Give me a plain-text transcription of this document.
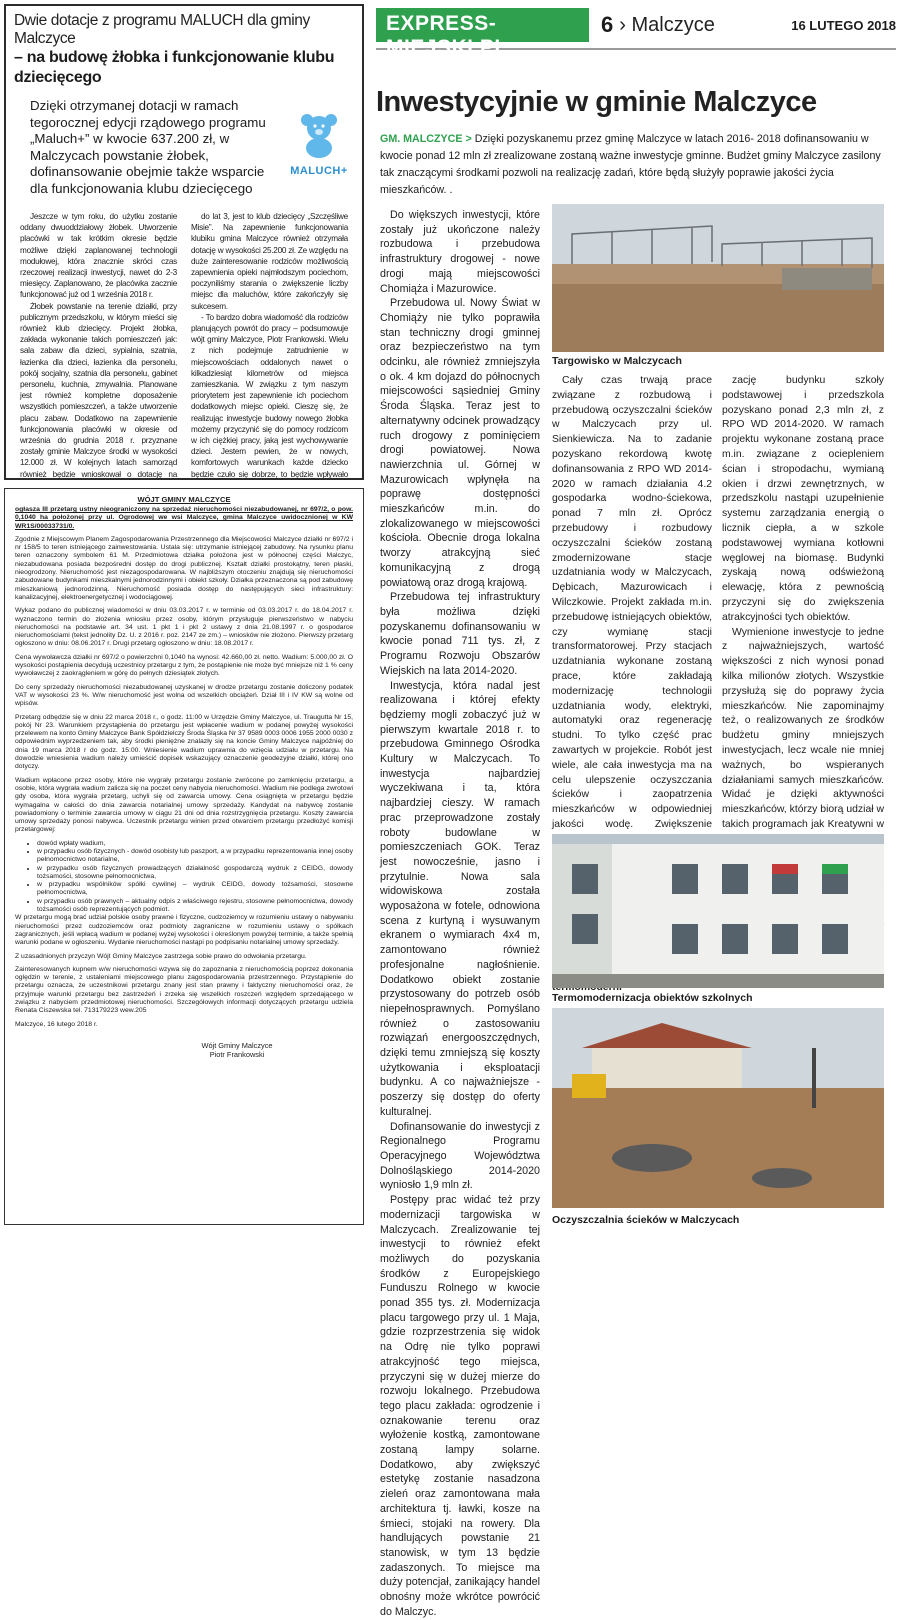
Dwie dotacje z programu MALUCH dla gminy Malczyce
– na budowę żłobka i funkcjonowanie klubu dziecięcego

Dzięki otrzymanej dotacji w ramach tegorocznej edycji rządowego programu „Maluch+” w kwocie 637.200 zł, w Malczycach powstanie żłobek, dofinansowanie obejmie także wsparcie dla funkcjonowania klubu dziecięcego

MALUCH+

Jeszcze w tym roku, do użytku zostanie oddany dwuoddziałowy żłobek. Utworzenie placówki w tak krótkim okresie będzie możliwe dzięki zaplanowanej technologii modułowej, która znacznie skróci czas rzeczowej realizacji inwestycji, nawet do 2-3 miesięcy. Zaplanowano, że placówka zacznie funkcjonować już od 1 września 2018 r.

Żłobek powstanie na terenie działki, przy publicznym przedszkolu, w którym mieści się również klub dziecięcy. Projekt żłobka, zakłada wykonanie takich pomieszczeń jak: sala zabaw dla dzieci, sypialnia, szatnia, łazienka dla dzieci, łazienka dla personelu, pokój socjalny, szatnia dla personelu, gabinet personelu, kuchnia, zmywalnia. Planowane jest również kompletne doposażenie wszystkich pomieszczeń, a także utworzenie placu zabaw. Dodatkowo na zapewnienie funkcjonowania placówki w okresie od września do grudnia 2018 r. przyznane zostały gminie Malczyce środki w wysokości 12.000 zł. W kolejnych latach samorząd również będzie wnioskował o dotację na

do lat 3, jest to klub dziecięcy „Szczęśliwe Misie”. Na zapewnienie funkcjonowania klubiku gmina Malczyce również otrzymała dotację w wysokości 25.200 zł. Ze względu na duże zainteresowanie rodziców możliwością zapewnienia opieki najmłodszym pociechom, poczyniliśmy starania o zwiększenie liczby miejsc dla maluchów, które zakończyły się sukcesem.

- To bardzo dobra wiadomość dla rodziców planujących powrót do pracy – podsumowuje wójt gminy Malczyce, Piotr Frankowski. Wielu z nich podejmuje zatrudnienie w miejscowościach oddalonych nawet o kilkadziesiąt kilometrów od miejsca zamieszkania. W związku z tym naszym priorytetem jest zapewnienie ich pociechom dodatkowych miejsc opieki. Cieszę się, że realizując inwestycje budowy nowego żłobka możemy przyczynić się do pomocy rodzicom w ich ciężkiej pracy, jaką jest wychowywanie dzieci. Jestem pewien, że w nowych, komfortowych warunkach każde dziecko będzie czuło się dobrze, to będzie wpływało

WÓJT GMINY MALCZYCE

ogłasza III przetarg ustny nieograniczony na sprzedaż nieruchomości niezabudowanej, nr 697/2, o pow. 0,1040 ha położonej przy ul. Ogrodowej we wsi Malczyce, gmina Malczyce uwidocznionej w KW WR1S/00033731/0.

Zgodnie z Miejscowym Planem Zagospodarowania Przestrzennego dla Miejscowości Malczyce działki nr 697/2 i nr 158/5 to teren istniejącego zainwestowania. Ustala się: utrzymanie istniejącej zabudowy. Na rysunku planu teren oznaczony symbolem 61 M. Przedmiotowa działka położona jest w północnej części Malczyc, niezabudowana posiada bezpośredni dostęp do drogi publicznej. Kształt działki prostokątny, teren płaski, nieogrodzony. Nieruchomość jest niezagospodarowana. W najbliższym otoczeniu znajdują się nieruchomości zabudowane budynkami mieszkalnymi jednorodzinnymi i obiekt szkoły. Działka przeznaczona są pod zabudowę mieszkaniową jednorodzinną. Nieruchomość posiada dostęp do następujących sieci infrastruktury: kanalizacyjnej, elektroenergetycznej i wodociągowej.

Wykaz podano do publicznej wiadomości w dniu 03.03.2017 r. w terminie od 03.03.2017 r. do 18.04.2017 r. wyznaczono termin do złożenia wniosku przez osoby, którym przysługuje pierwszeństwo w nabyciu nieruchomości na podstawie art. 34 ust. 1 pkt 1 i pkt 2 ustawy z dnia 21.08.1997 r. o gospodarce nieruchomościami (tekst jednolity Dz. U. z 2016 r. poz. 2147 ze zm.) – wniosków nie złożono. Pierwszy przetarg ogłoszono w dniu: 08.06.2017 r. Drugi przetarg ogłoszono w dniu: 18.08.2017 r.

Cena wywoławcza działki nr 697/2 o powierzchni 0,1040 ha wynosi: 42.660,00 zł. netto. Wadium: 5.000,00 zł. O wysokości postąpienia decydują uczestnicy przetargu z tym, że postąpienie nie może być mniejsze niż 1 % ceny wywoławczej z zaokrągleniem w górę do pełnych dziesiątek złotych.

Do ceny sprzedaży nieruchomości niezabudowanej uzyskanej w drodze przetargu zostanie doliczony podatek VAT w wysokości 23 %. W/w nieruchomość jest wolna od wszelkich obciążeń. Dział III i IV KW są wolne od wpisów.

Przetarg odbędzie się w dniu 22 marca 2018 r., o godz. 11:00 w Urzędzie Gminy Malczyce, ul. Traugutta Nr 15, pokój Nr 23. Warunkiem przystąpienia do przetargu jest wpłacenie wadium w podanej powyżej wysokości przelewem na konto Gminy Malczyce Bank Spółdzielczy Środa Śląska Nr 37 9589 0003 0006 1955 2000 0030 z odpowiednim wyprzedzeniem tak, aby środki pieniężne znalazły się na koncie Gminy Malczyce najpóźniej do dnia 19 marca 2018 r do godz. 15:00. Wniesienie wadium uprawnia do wzięcia udziału w przetargu. Na dowodzie wniesienia wadium należy umieścić dopisek wskazujący oznaczenie geodezyjne działki, której ono dotyczy.

Wadium wpłacone przez osoby, które nie wygrały przetargu zostanie zwrócone po zamknięciu przetargu, a osobie, która wygrała wadium zalicza się na poczet ceny nabycia nieruchomości. Wadium nie podlega zwrotowi gdy osoba, która wygrała przetarg, uchyli się od zawarcia umowy. Cena osiągnięta w przetargu będzie wymagalna w całości do dnia zawarcia notarialnej umowy sprzedaży. Kandydat na nabywcę zostanie powiadomiony o terminie zawarcia umowy w ciągu 21 dni od dnia rozstrzygnięcia przetargu. Koszty zawarcia umowy sprzedaży ponosi nabywca. Uczestnik przetargu winien przed otwarciem przetargu przedłożyć komisji przetargowej:

• dowód wpłaty wadium,
• w przypadku osób fizycznych - dowód osobisty lub paszport, a w przypadku reprezentowania innej osoby pełnomocnictwo notarialne,
• w przypadku osób fizycznych prowadzących działalność gospodarczą wydruk z CEIDG, dowody tożsamości, stosowne pełnomocnictwa,
• w przypadku wspólników spółki cywilnej – wydruk CEIDG, dowody tożsamości, stosowne pełnomocnictwa,
• w przypadku osób prawnych – aktualny odpis z właściwego rejestru, stosowne pełnomocnictwa, dowody tożsamości osób reprezentujących podmiot.

W przetargu mogą brać udział polskie osoby prawne i fizyczne, cudzoziemcy w rozumieniu ustawy o nabywaniu nieruchomości przez cudzoziemców oraz podmioty zagraniczne w rozumieniu ustawy o spółkach zagranicznych, jeśli wpłacą wadium w podanej wyżej wysokości i określonym powyżej terminie, a także spełnią warunki podane w ogłoszeniu. Wydanie nieruchomości nastąpi po podpisaniu notarialnej umowy sprzedaży.

Z uzasadnionych przyczyn Wójt Gminy Malczyce zastrzega sobie prawo do odwołania przetargu.

Zainteresowanych kupnem w/w nieruchomości wzywa się do zapoznania z nieruchomością poprzez dokonania oględzin w terenie, z ustaleniami miejscowego planu zagospodarowania przestrzennego. Przystąpienie do przetargu oznacza, że uczestnikowi przetargu znany jest stan prawny i faktyczny nieruchomości oraz, że przyjmuje warunki przetargu bez zastrzeżeń i zrzeka się wszelkich roszczeń względem sprzedającego w związku z nabyciem przedmiotowej nieruchomości. Szczegółowych informacji dotyczących przetargu udziela Renata Ciszewska tel. 713179223 wew.205

Malczyce, 16 lutego 2018 r.

Wójt Gminy Malczyce
Piotr Frankowski
EXPRESS-MIEJSKI.PL
6 › Malczyce	16 LUTEGO 2018
Inwestycyjnie w gminie Malczyce
GM. MALCZYCE > Dzięki pozyskanemu przez gminę Malczyce w latach 2016- 2018 dofinansowaniu w kwocie ponad 12 mln zł zrealizowane zostaną ważne inwestycje gminne. Budżet gminy Malczyce zasilony tak znaczącymi środkami pozwoli na realizację zadań, które będą służyły poprawie jakości życia mieszkańców. .

Do większych inwestycji, które zostały już ukończone należy rozbudowa i przebudowa infrastruktury drogowej - nowe drogi mają miejscowości Chomiąża i Mazurowice.

Przebudowa ul. Nowy Świat w Chomiąży nie tylko poprawiła stan techniczny drogi gminnej oraz bezpieczeństwo na tym odcinku, ale również zmniejszyła o ok. 4 km dojazd do północnych miejscowości sąsiedniej Gminy Środa Śląska. Teraz jest to alternatywny odcinek prowadzący ruch drogowy z pominięciem drogi powiatowej. Nowa nawierzchnia ul. Górnej w Mazurowicach wpłynęła na poprawę dostępności mieszkańców m.in. do zlokalizowanego w miejscowości kościoła. Obecnie droga lokalna tworzy atrakcyjną sieć komunikacyjną z drogą powiatową oraz drogą krajową.

Przebudowa tej infrastruktury była możliwa dzięki pozyskanemu dofinansowaniu w kwocie ponad 711 tys. zł, z Programu Rozwoju Obszarów Wiejskich na lata 2014-2020.

Inwestycja, która nadal jest realizowana i której efekty będziemy mogli zobaczyć już w pierwszym kwartale 2018 r. to przebudowa Gminnego Ośrodka Kultury w Malczycach. To inwestycja najbardziej wyczekiwana i ta, która najbardziej cieszy. W ramach prac przeprowadzone zostały roboty budowlane w pomieszczeniach GOK. Teraz jest nowocześnie, jasno i przytulnie. Nowa sala widowiskowa została wyposażona w fotele, odnowiona scena z kurtyną i wysuwanym ekranem o wymiarach 4x4 m, zamontowano również profesjonalne nagłośnienie. Dodatkowo obiekt zostanie przystosowany do potrzeb osób niepełnosprawnych. Pomyślano również o zastosowaniu rozwiązań energooszczędnych, dzięki temu zmniejszą się koszty użytkowania i eksploatacji budynku. A co najważniejsze - poszerzy się dostęp do oferty kulturalnej.

Dofinansowanie do inwestycji z Regionalnego Programu Operacyjnego Województwa Dolnośląskiego 2014-2020 wyniosło 1,9 mln zł.

Postępy prac widać też przy modernizacji targowiska w Malczycach. Zrealizowanie tej inwestycji to również efekt możliwych do pozyskania środków z Europejskiego Funduszu Rolnego w kwocie ponad 355 tys. zł. Modernizacja placu targowego przy ul. 1 Maja, gdzie rozprzestrzenia się widok na Odrę nie tylko poprawi atrakcyjność tego miejsca, przyczyni się w dużej mierze do rozwoju lokalnego. Przebudowa tego placu zakłada: ogrodzenie i oznakowanie terenu oraz wyłożenie kostką, zamontowane zostaną lampy solarne. Dodatkowo, aby zwiększyć estetykę zostanie nasadzona zieleń oraz zamontowana mała architektura tj. ławki, kosze na śmieci, stojaki na rowery. Dla handlujących powstanie 21 stanowisk, w tym 13 będzie zadaszonych. To miejsce ma duży potencjał, zanikający handel obnośny może wkrótce powrócić do Malczyc.

Targowisko w Malczycach

Cały czas trwają prace związane z rozbudową i przebudową oczyszczalni ścieków w Malczycach przy ul. Sienkiewicza. Na to zadanie pozyskano rekordową kwotę dofinansowania z RPO WD 2014-2020 w ramach działania 4.2 gospodarka wodno-ściekowa, ponad 7 mln zł. Oprócz przebudowy i rozbudowy oczyszczalni ścieków zostaną zmodernizowane stacje uzdatniania wody w Malczycach, Dębicach, Mazurowicach i Wilczkowie. Projekt zakłada m.in. przebudowę istniejących obiektów, czy wymianę stacji transformatorowej. Przy stacjach uzdatniania wykonane zostaną prace, które zakładają modernizację technologii uzdatniania wody, elektryki, automatyki oraz regenerację studni. To tylko część prac zawartych w projekcie. Robót jest wiele, ale cała inwestycja ma na celu ulepszenie oczyszczania ścieków i zaopatrzenia mieszkańców w odpowiedniej jakości wodę. Zwiększenie

zację budynku szkoły podstawowej i przedszkola pozyskano ponad 2,3 mln zł, z RPO WD 2014-2020. W ramach projektu wykonane zostaną prace m.in. związane z ociepleniem ścian i stropodachu, wymianą okien i drzwi zewnętrznych, w przedszkolu nastąpi uzupełnienie systemu zarządzania energią o licznik ciepła, a w szkole podstawowej wymiana kotłowni węglowej na biomasę. Budynki zyskają nową odświeżoną elewację, która z pewnością przyczyni się do zwiększenia atrakcyjności tych obiektów.

Wymienione inwestycje to jedne z najważniejszych, wartość większości z nich wynosi ponad kilka milionów złotych. Wszystkie przysłużą się do poprawy życia mieszkańców. Nie zapominajmy też, o realizowanych ze środków budżetu gminy mniejszych inwestycjach, lecz wcale nie mniej ważnych, bo wspieranych działaniami samych mieszkańców. Widać je dzięki aktywności mieszkańców, którzy biorą udział w takich programach jak Kreatywni w

Termomodernizacja obiektów szkolnych
Oczyszczalnia ścieków w Malczycach
